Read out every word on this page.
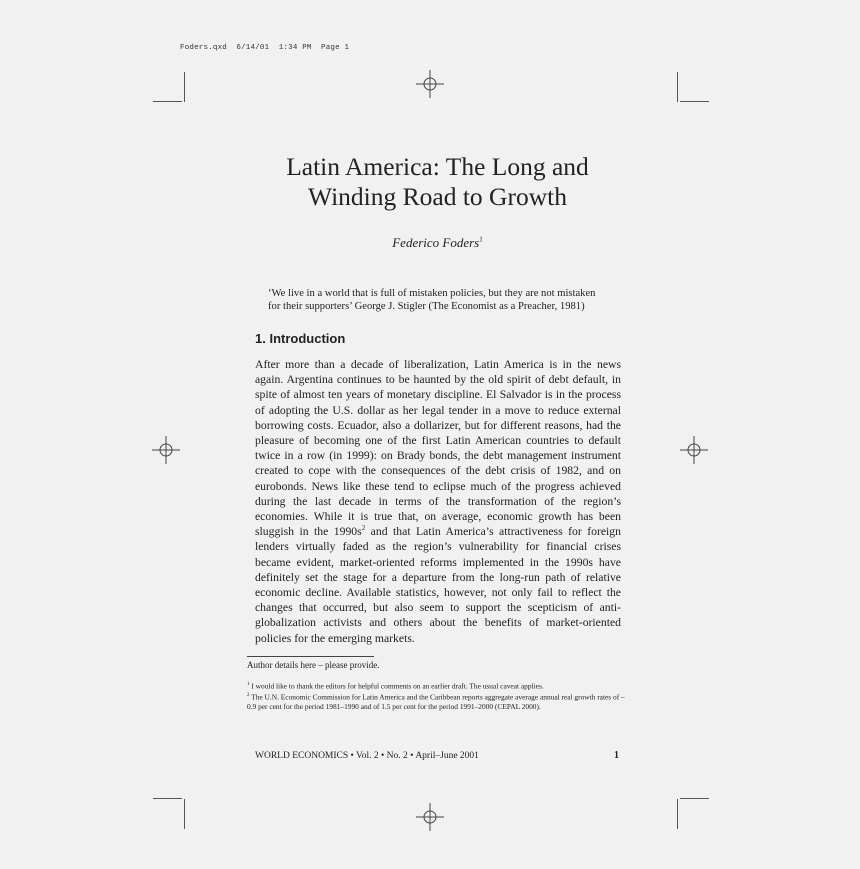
Foders.qxd  6/14/01  1:34 PM  Page 1
Latin America: The Long and
Winding Road to Growth
Federico Foders$^1$
‘We live in a world that is full of mistaken policies, but they are not mistaken
for their supporters’ George J. Stigler (The Economist as a Preacher, 1981)
1. Introduction
After more than a decade of liberalization, Latin America is in the news again. Argentina continues to be haunted by the old spirit of debt default, in spite of almost ten years of monetary discipline. El Salvador is in the process of adopting the U.S. dollar as her legal tender in a move to reduce external borrowing costs. Ecuador, also a dollarizer, but for different reasons, had the pleasure of becoming one of the first Latin American countries to default twice in a row (in 1999): on Brady bonds, the debt management instrument created to cope with the consequences of the debt crisis of 1982, and on eurobonds. News like these tend to eclipse much of the progress achieved during the last decade in terms of the transformation of the region’s economies. While it is true that, on average, economic growth has been sluggish in the $1990s^2$ and that Latin America’s attractiveness for foreign lenders virtually faded as the region’s vulnerability for financial crises became evident, market-oriented reforms implemented in the 1990s have definitely set the stage for a departure from the long-run path of relative economic decline. Available statistics, however, not only fail to reflect the changes that occurred, but also seem to support the scepticism of anti-globalization activists and others about the benefits of market-oriented policies for the emerging markets.
Author details here – please provide.
$^1$ I would like to thank the editors for helpful comments on an earlier draft. The usual caveat applies.
$^2$ The U.N. Economic Commission for Latin America and the Caribbean reports aggregate average annual real growth rates of –0.9 per cent for the period 1981–1990 and of 1.5 per cent for the period 1991–2000 (CEPAL 2000).
WORLD ECONOMICS • Vol. 2 • No. 2 • April–June 2001	1
